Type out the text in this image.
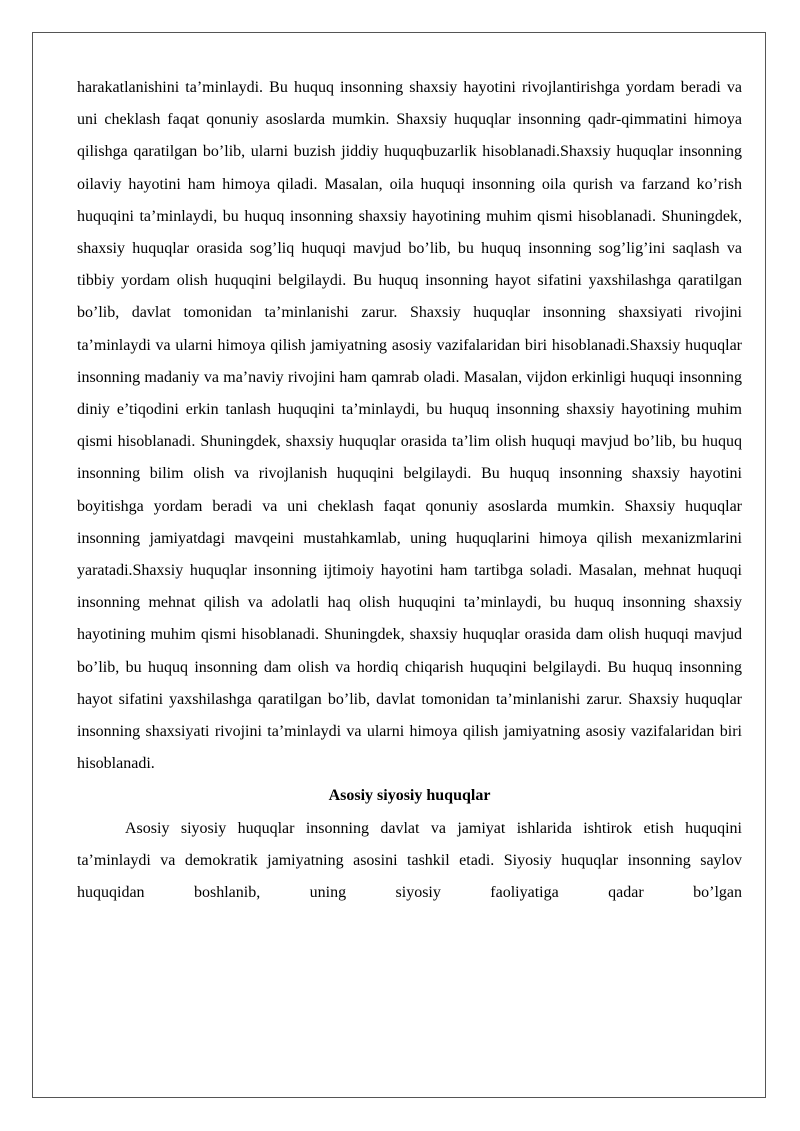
harakatlanishini ta’minlaydi. Bu huquq insonning shaxsiy hayotini rivojlantirishga yordam beradi va uni cheklash faqat qonuniy asoslarda mumkin. Shaxsiy huquqlar insonning qadr-qimmatini himoya qilishga qaratilgan bo’lib, ularni buzish jiddiy huquqbuzarlik hisoblanadi.Shaxsiy huquqlar insonning oilaviy hayotini ham himoya qiladi. Masalan, oila huquqi insonning oila qurish va farzand ko’rish huquqini ta’minlaydi, bu huquq insonning shaxsiy hayotining muhim qismi hisoblanadi. Shuningdek, shaxsiy huquqlar orasida sog’liq huquqi mavjud bo’lib, bu huquq insonning sog’lig’ini saqlash va tibbiy yordam olish huquqini belgilaydi. Bu huquq insonning hayot sifatini yaxshilashga qaratilgan bo’lib, davlat tomonidan ta’minlanishi zarur. Shaxsiy huquqlar insonning shaxsiyati rivojini ta’minlaydi va ularni himoya qilish jamiyatning asosiy vazifalaridan biri hisoblanadi.Shaxsiy huquqlar insonning madaniy va ma’naviy rivojini ham qamrab oladi. Masalan, vijdon erkinligi huquqi insonning diniy e’tiqodini erkin tanlash huquqini ta’minlaydi, bu huquq insonning shaxsiy hayotining muhim qismi hisoblanadi. Shuningdek, shaxsiy huquqlar orasida ta’lim olish huquqi mavjud bo’lib, bu huquq insonning bilim olish va rivojlanish huquqini belgilaydi. Bu huquq insonning shaxsiy hayotini boyitishga yordam beradi va uni cheklash faqat qonuniy asoslarda mumkin. Shaxsiy huquqlar insonning jamiyatdagi mavqeini mustahkamlab, uning huquqlarini himoya qilish mexanizmlarini yaratadi.Shaxsiy huquqlar insonning ijtimoiy hayotini ham tartibga soladi. Masalan, mehnat huquqi insonning mehnat qilish va adolatli haq olish huquqini ta’minlaydi, bu huquq insonning shaxsiy hayotining muhim qismi hisoblanadi. Shuningdek, shaxsiy huquqlar orasida dam olish huquqi mavjud bo’lib, bu huquq insonning dam olish va hordiq chiqarish huquqini belgilaydi. Bu huquq insonning hayot sifatini yaxshilashga qaratilgan bo’lib, davlat tomonidan ta’minlanishi zarur. Shaxsiy huquqlar insonning shaxsiyati rivojini ta’minlaydi va ularni himoya qilish jamiyatning asosiy vazifalaridan biri hisoblanadi.

Asosiy siyosiy huquqlar

Asosiy siyosiy huquqlar insonning davlat va jamiyat ishlarida ishtirok etish huquqini ta’minlaydi va demokratik jamiyatning asosini tashkil etadi. Siyosiy huquqlar insonning saylov huquqidan boshlanib, uning siyosiy faoliyatiga qadar bo’lgan
